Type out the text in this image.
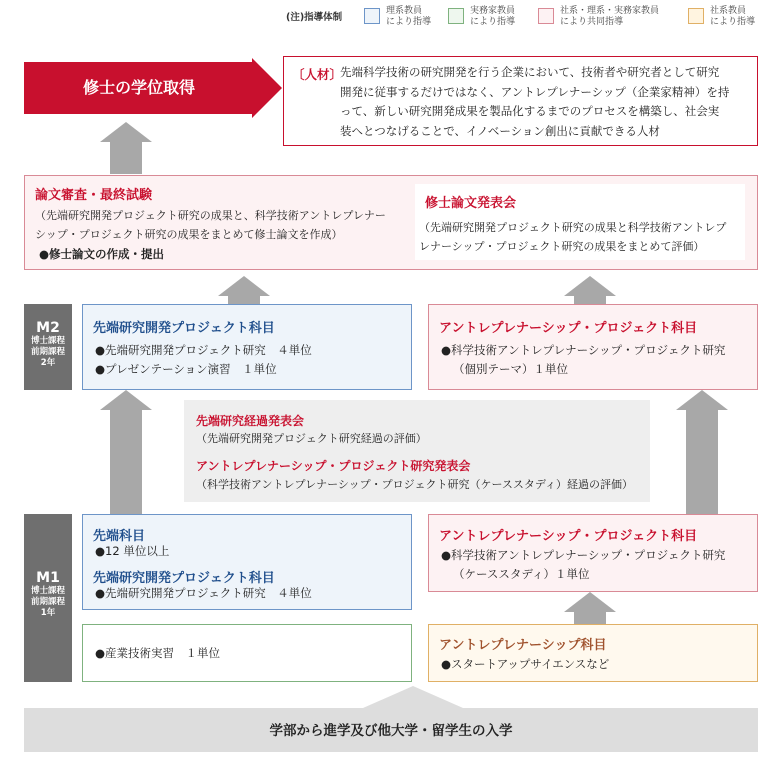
(注)指導体制
理系教員
により指導
実務家教員
により指導
社系・理系・実務家教員
により共同指導
社系教員
により指導
修士の学位取得
〔人材〕
先端科学技術の研究開発を行う企業において、技術者や研究者として研究
開発に従事するだけではなく、アントレプレナーシップ（企業家精神）を持
って、新しい研究開発成果を製品化するまでのプロセスを構築し、社会実
装へとつなげることで、イノベーション創出に貢献できる人材
論文審査・最終試験
（先端研究開発プロジェクト研究の成果と、科学技術アントレプレナー
シップ・プロジェクト研究の成果をまとめて修士論文を作成）
●修士論文の作成・提出
修士論文発表会
（先端研究開発プロジェクト研究の成果と科学技術アントレプ
レナーシップ・プロジェクト研究の成果をまとめて評価）
M2
博士課程
前期課程
2年
先端研究開発プロジェクト科目
●先端研究開発プロジェクト研究　４単位
●プレゼンテーション演習　１単位
アントレプレナーシップ・プロジェクト科目
●科学技術アントレプレナーシップ・プロジェクト研究
（個別テーマ）１単位
先端研究経過発表会
（先端研究開発プロジェクト研究経過の評価）
アントレプレナーシップ・プロジェクト研究発表会
（科学技術アントレプレナーシップ・プロジェクト研究（ケーススタディ）経過の評価）
M1
博士課程
前期課程
1年
先端科目
●12 単位以上
先端研究開発プロジェクト科目
●先端研究開発プロジェクト研究　４単位
アントレプレナーシップ・プロジェクト科目
●科学技術アントレプレナーシップ・プロジェクト研究
（ケーススタディ）１単位
●産業技術実習　１単位	アントレプレナーシップ科目
●スタートアップサイエンスなど
学部から進学及び他大学・留学生の入学
